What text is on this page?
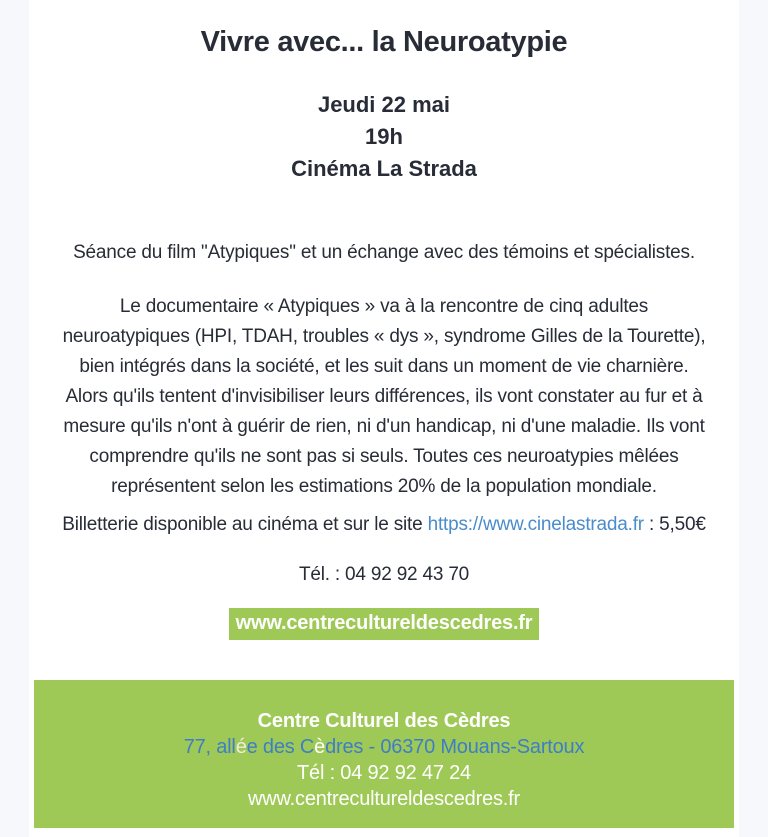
Vivre avec... la Neuroatypie
Jeudi 22 mai
19h
Cinéma La Strada

Séance du film "Atypiques" et un échange avec des témoins et spécialistes.

Le documentaire « Atypiques » va à la rencontre de cinq adultes
neuroatypiques (HPI, TDAH, troubles « dys », syndrome Gilles de la Tourette),
bien intégrés dans la société, et les suit dans un moment de vie charnière.
Alors qu'ils tentent d'invisibiliser leurs différences, ils vont constater au fur et à
mesure qu'ils n'ont à guérir de rien, ni d'un handicap, ni d'une maladie. Ils vont
comprendre qu'ils ne sont pas si seuls. Toutes ces neuroatypies mêlées
représentent selon les estimations 20% de la population mondiale.

Billetterie disponible au cinéma et sur le site https://www.cinelastrada.fr : 5,50€

Tél. : 04 92 92 43 70

www.centrecultureldescedres.fr
Centre Culturel des Cèdres
77, allée des Cèdres - 06370 Mouans-Sartoux
Tél : 04 92 92 47 24
www.centrecultureldescedres.fr
